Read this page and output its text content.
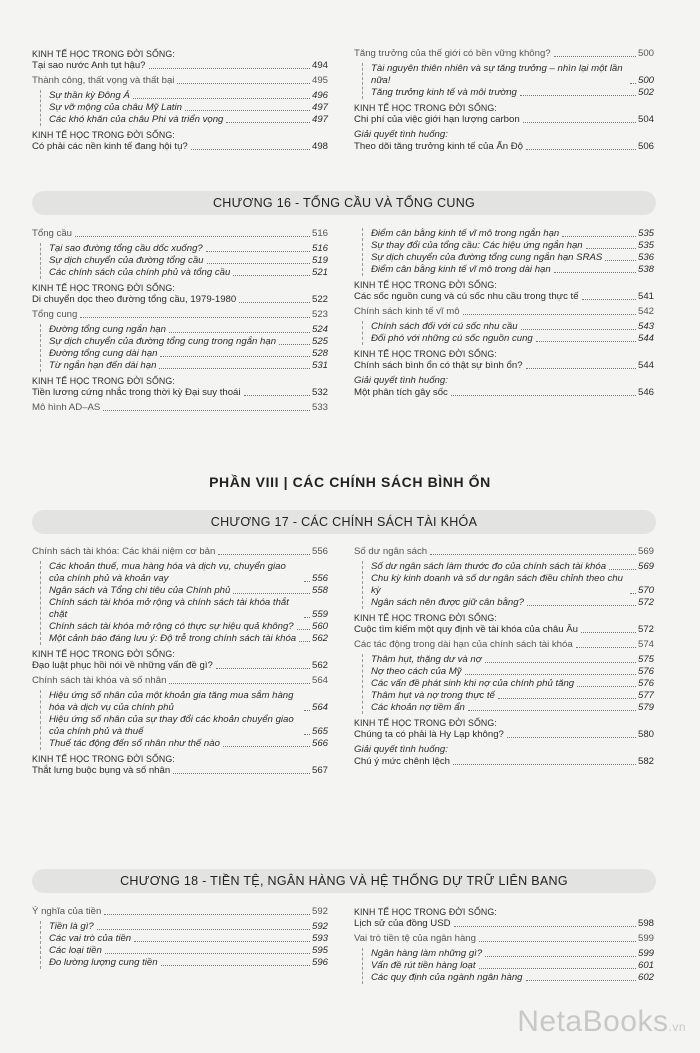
KINH TẾ HỌC TRONG ĐỜI SỐNG:
Tại sao nước Anh tụt hậu?	494
Thành công, thất vọng và thất bại	495
Sự thần kỳ Đông Á	496
Sự vỡ mộng của châu Mỹ Latin	497
Các khó khăn của châu Phi và triển vọng	497
KINH TẾ HỌC TRONG ĐỜI SỐNG:
Có phải các nền kinh tế đang hội tụ?	498
Tăng trưởng của thế giới có bền vững không?	500
Tài nguyên thiên nhiên và sự tăng trưởng – nhìn lại một lần nữa!	500
Tăng trưởng kinh tế và môi trường	502
KINH TẾ HỌC TRONG ĐỜI SỐNG:
Chi phí của việc giới hạn lượng carbon	504
Giải quyết tình huống:
Theo dõi tăng trưởng kinh tế của Ấn Độ	506
CHƯƠNG 16 - TỔNG CẦU VÀ TỔNG CUNG
Tổng cầu	516
Tại sao đường tổng cầu dốc xuống?	516
Sự dịch chuyển của đường tổng cầu	519
Các chính sách của chính phủ và tổng cầu	521
KINH TẾ HỌC TRONG ĐỜI SỐNG:
Di chuyển dọc theo đường tổng cầu, 1979-1980	522
Tổng cung	523
Đường tổng cung ngắn hạn	524
Sự dịch chuyển của đường tổng cung trong ngắn hạn	525
Đường tổng cung dài hạn	528
Từ ngắn hạn đến dài hạn	531
KINH TẾ HỌC TRONG ĐỜI SỐNG:
Tiền lương cứng nhắc trong thời kỳ Đại suy thoái	532
Mô hình AD–AS	533
Điểm cân bằng kinh tế vĩ mô trong ngắn hạn	535
Sự thay đổi của tổng cầu: Các hiệu ứng ngắn hạn	535
Sự dịch chuyển của đường tổng cung ngắn hạn SRAS	536
Điểm cân bằng kinh tế vĩ mô trong dài hạn	538
KINH TẾ HỌC TRONG ĐỜI SỐNG:
Các sốc nguồn cung và cú sốc nhu cầu trong thực tế	541
Chính sách kinh tế vĩ mô	542
Chính sách đối với cú sốc nhu cầu	543
Đối phó với những cú sốc nguồn cung	544
KINH TẾ HỌC TRONG ĐỜI SỐNG:
Chính sách bình ổn có thật sự bình ổn?	544
Giải quyết tình huống:
Một phân tích gây sốc	546
PHẦN VIII | CÁC CHÍNH SÁCH BÌNH ỔN
CHƯƠNG 17 - CÁC CHÍNH SÁCH TÀI KHÓA
Chính sách tài khóa: Các khái niệm cơ bản	556
Các khoản thuế, mua hàng hóa và dịch vụ, chuyển giao của chính phủ và khoản vay	556
Ngân sách và Tổng chi tiêu của Chính phủ	558
Chính sách tài khóa mở rộng và chính sách tài khóa thắt chặt	559
Chính sách tài khóa mở rộng có thực sự hiệu quả không? 560
Một cảnh báo đáng lưu ý: Độ trễ trong chính sách tài khóa 562
KINH TẾ HỌC TRONG ĐỜI SỐNG:
Đạo luật phục hồi nói về những vấn đề gì?	562
Chính sách tài khóa và số nhân	564
Hiệu ứng số nhân của một khoản gia tăng mua sắm hàng hóa và dịch vụ của chính phủ	564
Hiệu ứng số nhân của sự thay đổi các khoản chuyển giao của chính phủ và thuế	565
Thuế tác động đến số nhân như thế nào	566
KINH TẾ HỌC TRONG ĐỜI SỐNG:
Thắt lưng buộc bụng và số nhân	567
Số dư ngân sách	569
Số dư ngân sách làm thước đo của chính sách tài khóa	569
Chu kỳ kinh doanh và số dư ngân sách điều chỉnh theo chu kỳ	570
Ngân sách nên được giữ cân bằng?	572
KINH TẾ HỌC TRONG ĐỜI SỐNG:
Cuộc tìm kiếm một quy định về tài khóa của châu Âu	572
Các tác động trong dài hạn của chính sách tài khóa	574
Thâm hụt, thặng dư và nợ	575
Nợ theo cách của Mỹ	576
Các vấn đề phát sinh khi nợ của chính phủ tăng	576
Thâm hụt và nợ trong thực tế	577
Các khoản nợ tiềm ẩn	579
KINH TẾ HỌC TRONG ĐỜI SỐNG:
Chúng ta có phải là Hy Lạp không?	580
Giải quyết tình huống:
Chú ý mức chênh lệch	582
CHƯƠNG 18 - TIỀN TỆ, NGÂN HÀNG VÀ HỆ THỐNG DỰ TRỮ LIÊN BANG
Ý nghĩa của tiền	592
Tiền là gì?	592
Các vai trò của tiền	593
Các loại tiền	595
Đo lường lượng cung tiền	596
KINH TẾ HỌC TRONG ĐỜI SỐNG:
Lịch sử của đồng USD	598
Vai trò tiền tệ của ngân hàng	599
Ngân hàng làm những gì?	599
Vấn đề rút tiền hàng loạt	601
Các quy định của ngành ngân hàng	602
NetaBooks.vn
